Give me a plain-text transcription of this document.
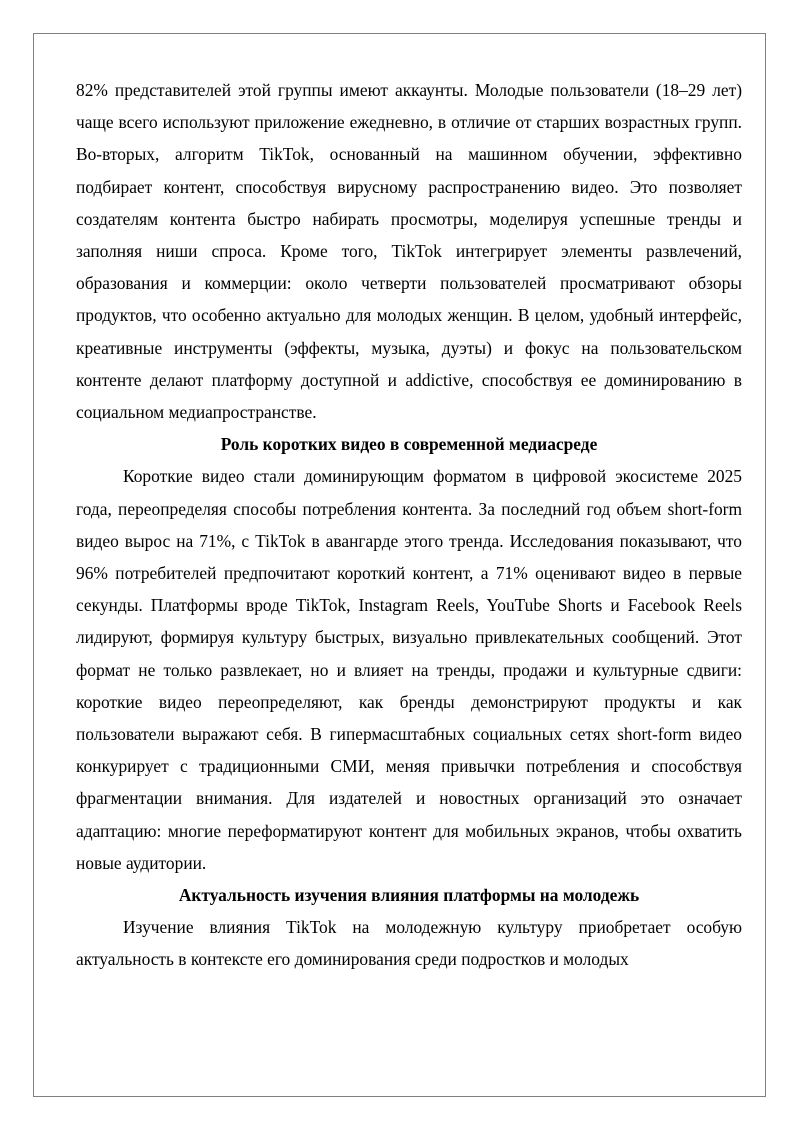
82% представителей этой группы имеют аккаунты. Молодые пользователи (18–29 лет) чаще всего используют приложение ежедневно, в отличие от старших возрастных групп. Во-вторых, алгоритм TikTok, основанный на машинном обучении, эффективно подбирает контент, способствуя вирусному распространению видео. Это позволяет создателям контента быстро набирать просмотры, моделируя успешные тренды и заполняя ниши спроса. Кроме того, TikTok интегрирует элементы развлечений, образования и коммерции: около четверти пользователей просматривают обзоры продуктов, что особенно актуально для молодых женщин. В целом, удобный интерфейс, креативные инструменты (эффекты, музыка, дуэты) и фокус на пользовательском контенте делают платформу доступной и addictive, способствуя ее доминированию в социальном медиапространстве.

Роль коротких видео в современной медиасреде

Короткие видео стали доминирующим форматом в цифровой экосистеме 2025 года, переопределяя способы потребления контента. За последний год объем short-form видео вырос на 71%, с TikTok в авангарде этого тренда. Исследования показывают, что 96% потребителей предпочитают короткий контент, а 71% оценивают видео в первые секунды. Платформы вроде TikTok, Instagram Reels, YouTube Shorts и Facebook Reels лидируют, формируя культуру быстрых, визуально привлекательных сообщений. Этот формат не только развлекает, но и влияет на тренды, продажи и культурные сдвиги: короткие видео переопределяют, как бренды демонстрируют продукты и как пользователи выражают себя. В гипермасштабных социальных сетях short-form видео конкурирует с традиционными СМИ, меняя привычки потребления и способствуя фрагментации внимания. Для издателей и новостных организаций это означает адаптацию: многие переформатируют контент для мобильных экранов, чтобы охватить новые аудитории.

Актуальность изучения влияния платформы на молодежь

Изучение влияния TikTok на молодежную культуру приобретает особую актуальность в контексте его доминирования среди подростков и молодых
